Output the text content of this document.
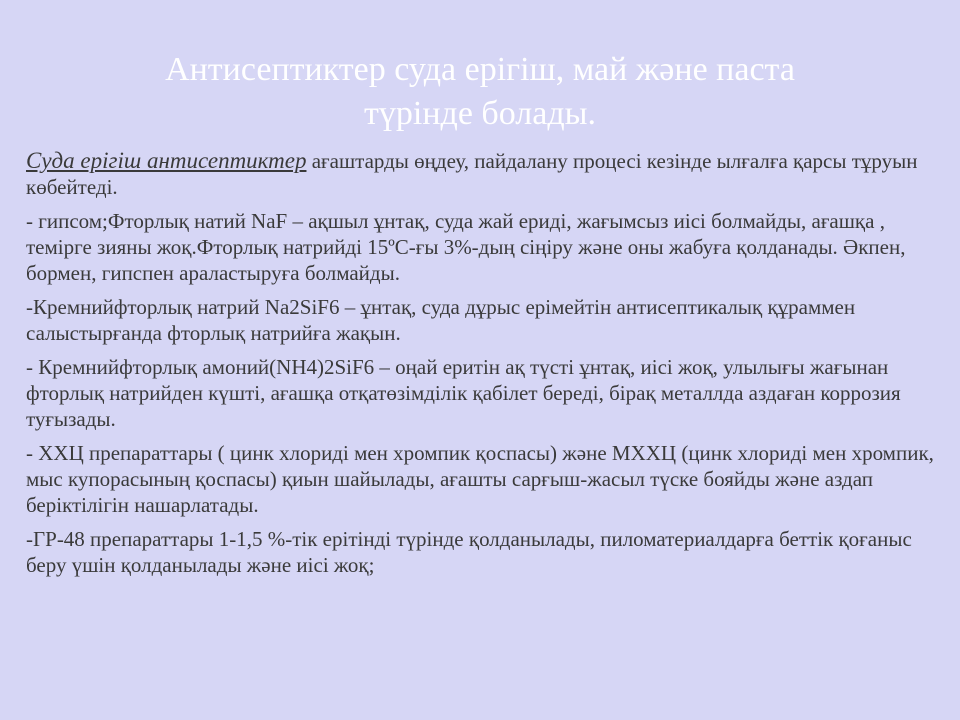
Антисептиктер суда ерігіш, май және паста
түрінде болады.

Суда ерігіш антисептиктер ағаштарды өңдеу, пайдалану процесі кезінде ылғалға қарсы тұруын көбейтеді.

- гипсом;Фторлық натий NaF – ақшыл ұнтақ, суда жай ериді, жағымсыз иісі болмайды, ағашқа , темірге зияны жоқ.Фторлық натрийді 15ºС-ғы 3%-дың сіңіру және оны жабуға қолданады. Әкпен, бормен, гипспен араластыруға болмайды.

-Кремнийфторлық натрий Na2SiF6 – ұнтақ, суда дұрыс ерімейтін антисептикалық құраммен салыстырғанда фторлық натрийға жақын.

- Кремнийфторлық амоний(NH4)2SiF6 – оңай еритін ақ түсті ұнтақ, иісі жоқ, улылығы жағынан фторлық натрийден күшті, ағашқа отқатөзімділік қабілет береді, бірақ металлда аздаған коррозия туғызады.

- ХХЦ препараттары ( цинк хлориді мен хромпик қоспасы) және МХХЦ (цинк хлориді мен хромпик, мыс купорасының қоспасы) қиын шайылады, ағашты сарғыш-жасыл түске бояйды және аздап беріктілігін нашарлатады.

-ГР-48 препараттары 1-1,5 %-тік ерітінді түрінде қолданылады, пиломатериалдарға беттік қоғаныс беру үшін қолданылады және иісі жоқ;
